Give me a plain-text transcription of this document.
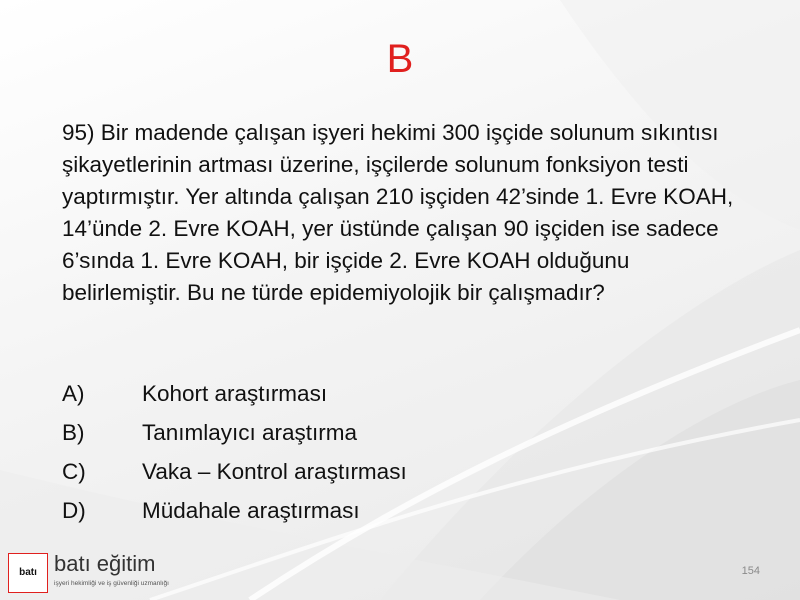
B

95) Bir madende çalışan işyeri hekimi 300 işçide solunum sıkıntısı şikayetlerinin artması üzerine, işçilerde solunum fonksiyon testi yaptırmıştır. Yer altında çalışan 210 işçiden 42’sinde 1. Evre KOAH, 14’ünde 2. Evre KOAH, yer üstünde çalışan 90 işçiden ise sadece 6’sında 1. Evre KOAH, bir işçide 2. Evre KOAH olduğunu belirlemiştir. Bu ne türde epidemiyolojik bir çalışmadır?

A)	Kohort araştırması
B)	Tanımlayıcı araştırma
C)	Vaka – Kontrol araştırması
D)	Müdahale araştırması
batı batı eğitim
işyeri hekimliği ve iş güvenliği uzmanlığı
154
